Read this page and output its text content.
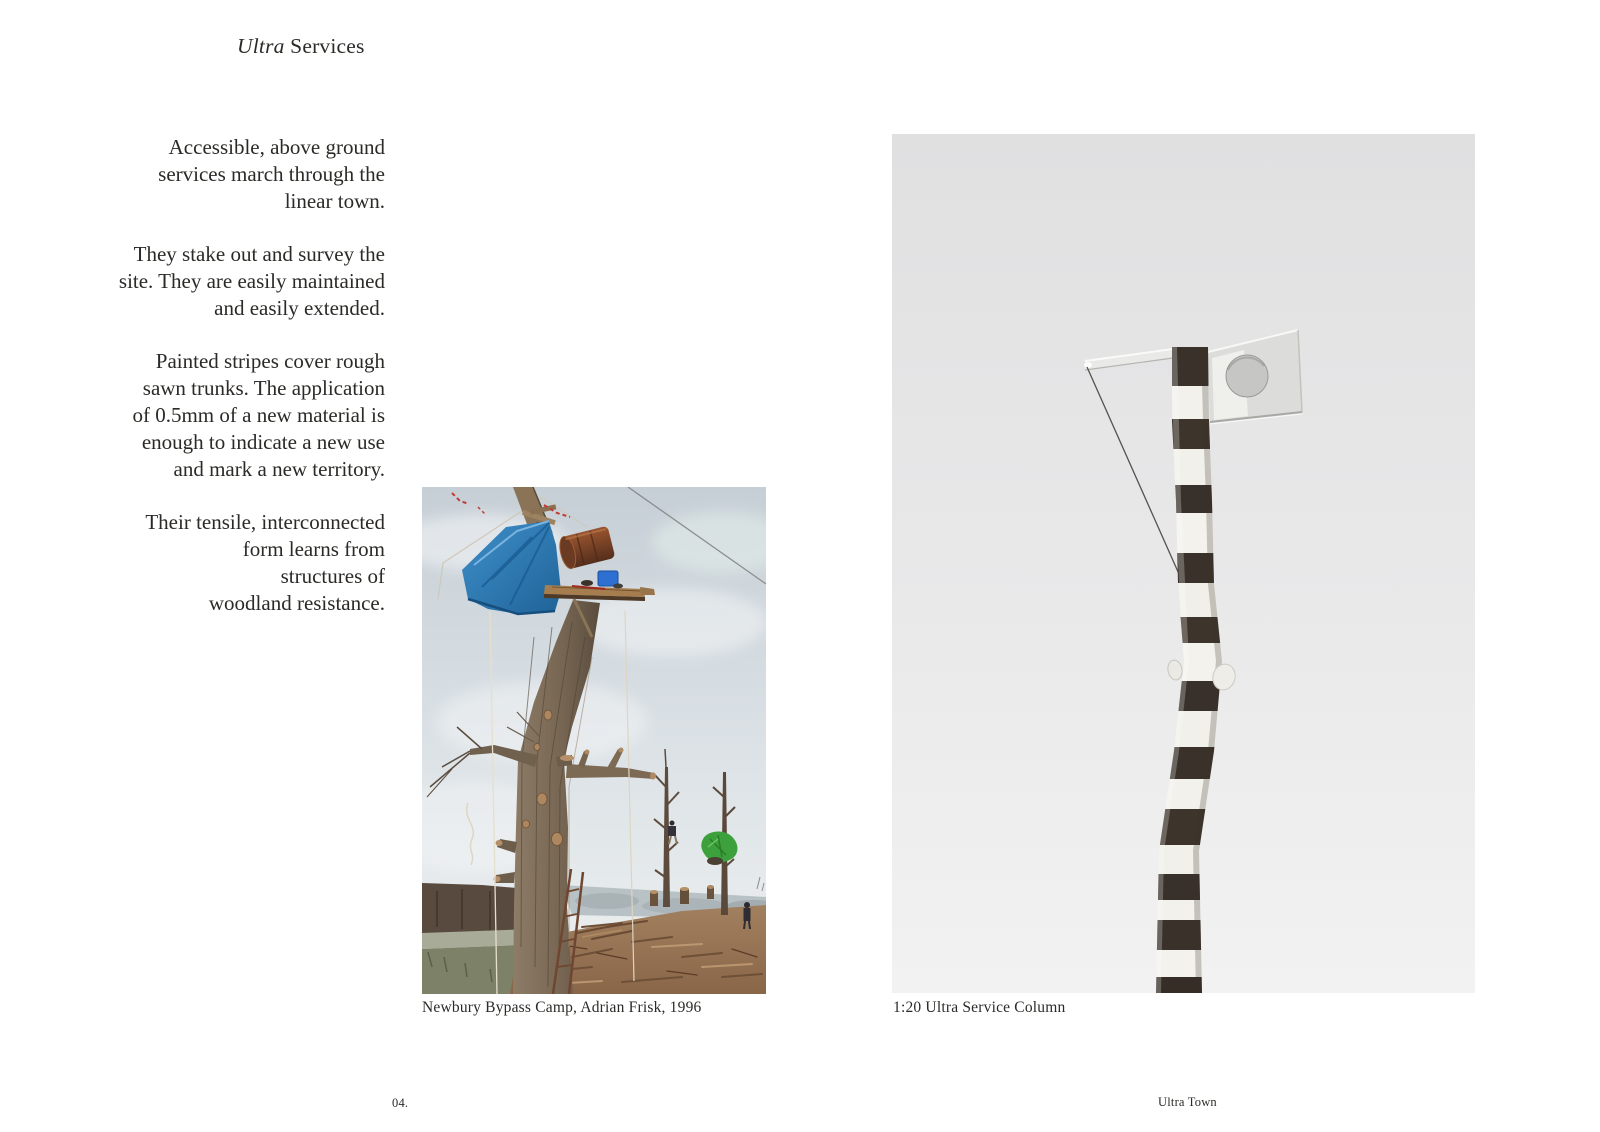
Ultra Services
Accessible, above ground
services march through the
linear town.
They stake out and survey the
site. They are easily maintained
and easily extended.
Painted stripes cover rough
sawn trunks. The application
of 0.5mm of a new material is
enough to indicate a new use
and mark a new territory.
Their tensile, interconnected
form learns from
structures of
woodland resistance.
Newbury Bypass Camp, Adrian Frisk, 1996	1:20 Ultra Service Column
04.	Ultra Town
